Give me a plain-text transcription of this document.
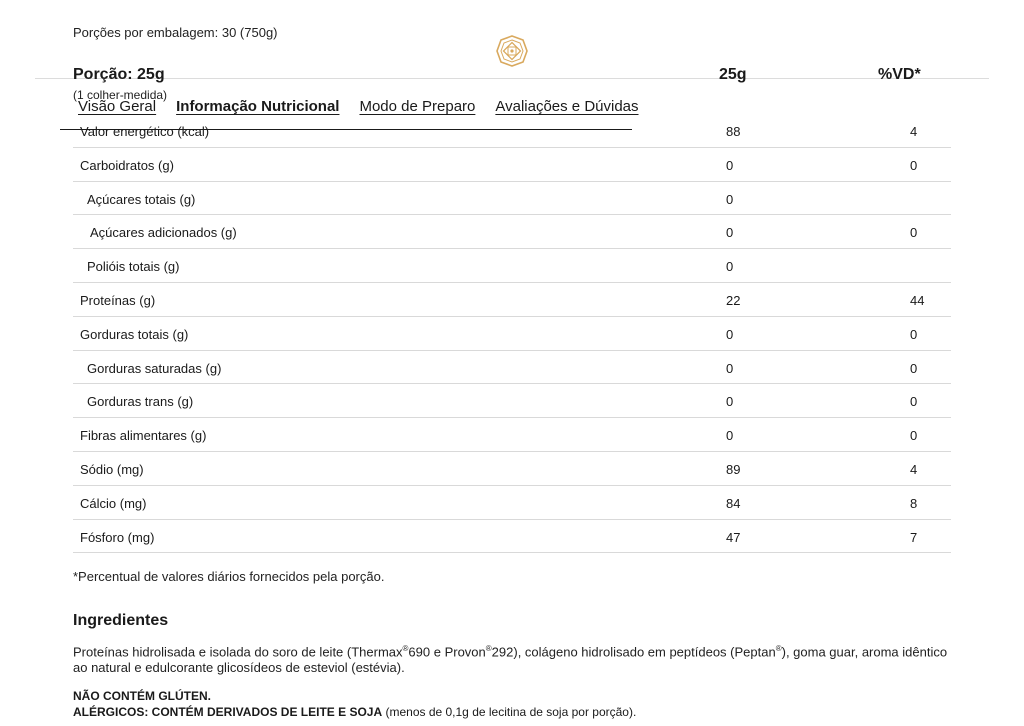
Porções por embalagem: 30 (750g)
Porção: 25g
(1 colher-medida)
25g	%VD*
Visão Geral Informação Nutricional Modo de Preparo Avaliações e Dúvidas
Valor energético (kcal)	88	4
Carboidratos (g)	0	0
Açúcares totais (g)	0
Açúcares adicionados (g)	0	0
Polióis totais (g)	0
Proteínas (g)	22	44
Gorduras totais (g)	0	0
Gorduras saturadas (g)	0	0
Gorduras trans (g)	0	0
Fibras alimentares (g)	0	0
Sódio (mg)	89	4
Cálcio (mg)	84	8
Fósforo (mg)	47	7
*Percentual de valores diários fornecidos pela porção.
Ingredientes
Proteínas hidrolisada e isolada do soro de leite (Thermax®690 e Provon®292), colágeno hidrolisado em peptídeos (Peptan®), goma guar, aroma idêntico ao natural e edulcorante glicosídeos de esteviol (estévia).
NÃO CONTÉM GLÚTEN.
ALÉRGICOS: CONTÉM DERIVADOS DE LEITE E SOJA (menos de 0,1g de lecitina de soja por porção).
